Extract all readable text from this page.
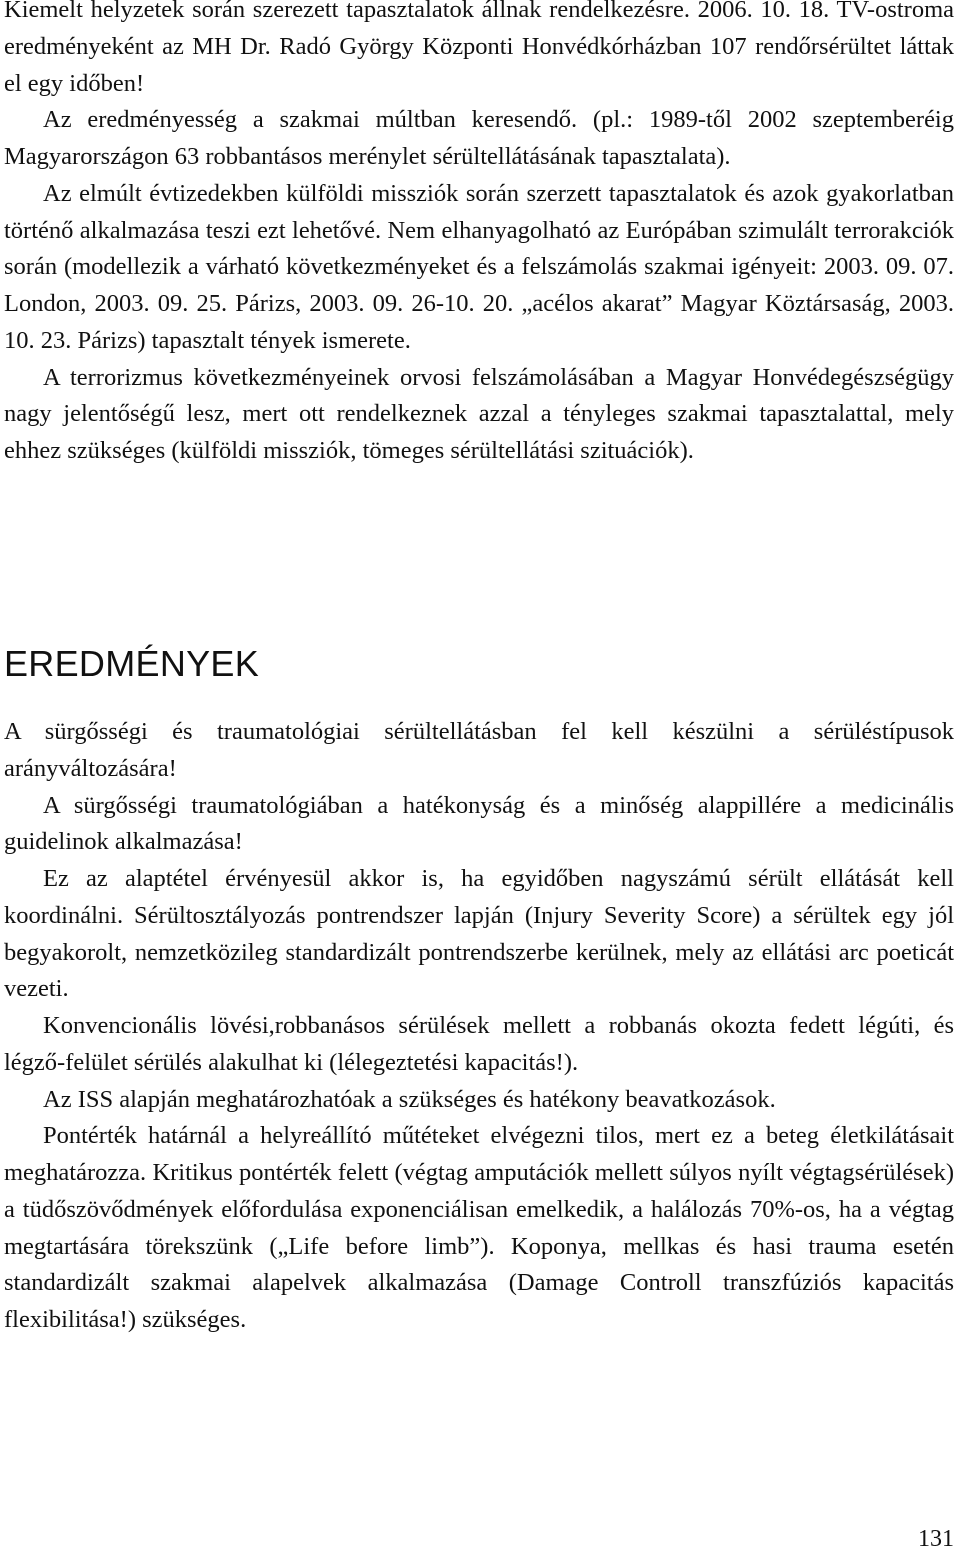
Kiemelt helyzetek során szerezett tapasztalatok állnak rendelkezésre. 2006. 10. 18. TV-ostroma eredményeként az MH Dr. Radó György Központi Honvédkórházban 107 rendőrsérültet láttak el egy időben!

Az eredményesség a szakmai múltban keresendő. (pl.: 1989-től 2002 szeptemberéig Magyarországon 63 robbantásos merénylet sérültellátásának tapasztalata).

Az elmúlt évtizedekben külföldi missziók során szerzett tapasztalatok és azok gyakorlatban történő alkalmazása teszi ezt lehetővé. Nem elhanyagolható az Európában szimulált terrorakciók során (modellezik a várható következményeket és a felszámolás szakmai igényeit: 2003. 09. 07. London, 2003. 09. 25. Párizs, 2003. 09. 26-10. 20. „acélos akarat” Magyar Köztársaság, 2003. 10. 23. Párizs) tapasztalt tények ismerete.

A terrorizmus következményeinek orvosi felszámolásában a Magyar Honvédegészségügy nagy jelentőségű lesz, mert ott rendelkeznek azzal a tényleges szakmai tapasztalattal, mely ehhez szükséges (külföldi missziók, tömeges sérültellátási szituációk).

EREDMÉNYEK

A sürgősségi és traumatológiai sérültellátásban fel kell készülni a sérüléstípusok arányváltozására!

A sürgősségi traumatológiában a hatékonyság és a minőség alappillére a medicinális guidelinok alkalmazása!

Ez az alaptétel érvényesül akkor is, ha egyidőben nagyszámú sérült ellátását kell koordinálni. Sérültosztályozás pontrendszer lapján (Injury Severity Score) a sérültek egy jól begyakorolt, nemzetközileg standardizált pontrendszerbe kerülnek, mely az ellátási arc poeticát vezeti.

Konvencionális lövési,robbanásos sérülések mellett a robbanás okozta fedett légúti, és légző-felület sérülés alakulhat ki (lélegeztetési kapacitás!).

Az ISS alapján meghatározhatóak a szükséges és hatékony beavatkozások.

Pontérték határnál a helyreállító műtéteket elvégezni tilos, mert ez a beteg életkilátásait meghatározza. Kritikus pontérték felett (végtag amputációk mellett súlyos nyílt végtagsérülések) a tüdőszövődmények előfordulása exponenciálisan emelkedik, a halálozás 70%-os, ha a végtag megtartására törekszünk („Life before limb”). Koponya, mellkas és hasi trauma esetén standardizált szakmai alapelvek alkalmazása (Damage Controll transzfúziós kapacitás flexibilitása!) szükséges.

131
